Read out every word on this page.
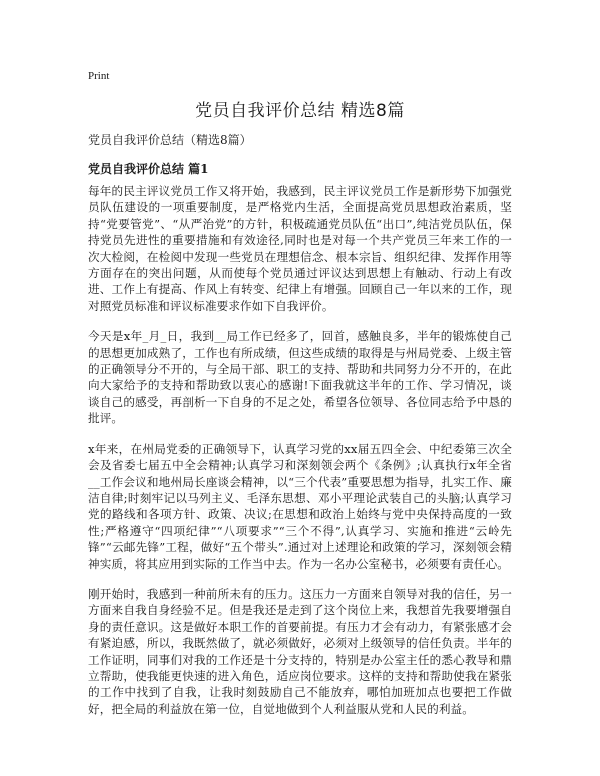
Print
党员自我评价总结 精选8篇
党员自我评价总结（精选8篇）
党员自我评价总结 篇1

每年的民主评议党员工作又将开始，我感到，民主评议党员工作是新形势下加强党员队伍建设的一项重要制度，是严格党内生活，全面提高党员思想政治素质，坚持“党要管党”、“从严治党”的方针，积极疏通党员队伍“出口”,纯洁党员队伍，保持党员先进性的重要措施和有效途径,同时也是对每一个共产党员三年来工作的一次大检阅，在检阅中发现一些党员在理想信念、根本宗旨、组织纪律、发挥作用等方面存在的突出问题，从而使每个党员通过评议达到思想上有触动、行动上有改进、工作上有提高、作风上有转变、纪律上有增强。回顾自己一年以来的工作，现对照党员标准和评议标准要求作如下自我评价。

今天是x年_月_日，我到__局工作已经多了，回首，感触良多，半年的锻炼使自己的思想更加成熟了，工作也有所成绩，但这些成绩的取得是与州局党委、上级主管的正确领导分不开的，与全局干部、职工的支持、帮助和共同努力分不开的，在此向大家给予的支持和帮助致以衷心的感谢!下面我就这半年的工作、学习情况，谈谈自己的感受，再剖析一下自身的不足之处，希望各位领导、各位同志给予中恳的批评。

x年来，在州局党委的正确领导下，认真学习党的xx届五四全会、中纪委第三次全会及省委七届五中全会精神;认真学习和深刻领会两个《条例》;认真执行x年全省__工作会议和地州局长座谈会精神，以“三个代表”重要思想为指导，扎实工作、廉洁自律;时刻牢记以马列主义、毛泽东思想、邓小平理论武装自己的头脑;认真学习党的路线和各项方针、政策、决议;在思想和政治上始终与党中央保持高度的一致性;严格遵守“四项纪律”“八项要求”“三个不得”,认真学习、实施和推进“云岭先锋”“云邮先锋”工程，做好“五个带头”.通过对上述理论和政策的学习，深刻领会精神实质，将其应用到实际的工作当中去。作为一名办公室秘书，必须要有责任心。

刚开始时，我感到一种前所未有的压力。这压力一方面来自领导对我的信任，另一方面来自我自身经验不足。但是我还是走到了这个岗位上来，我想首先我要增强自身的责任意识。这是做好本职工作的首要前提。有压力才会有动力，有紧张感才会有紧迫感，所以，我既然做了，就必须做好，必须对上级领导的信任负责。半年的工作证明，同事们对我的工作还是十分支持的，特别是办公室主任的悉心教导和鼎立帮助，使我能更快速的进入角色，适应岗位要求。这样的支持和帮助使我在紧张的工作中找到了自我，让我时刻鼓励自己不能放弃，哪怕加班加点也要把工作做好，把全局的利益放在第一位，自觉地做到个人利益服从党和人民的利益。
